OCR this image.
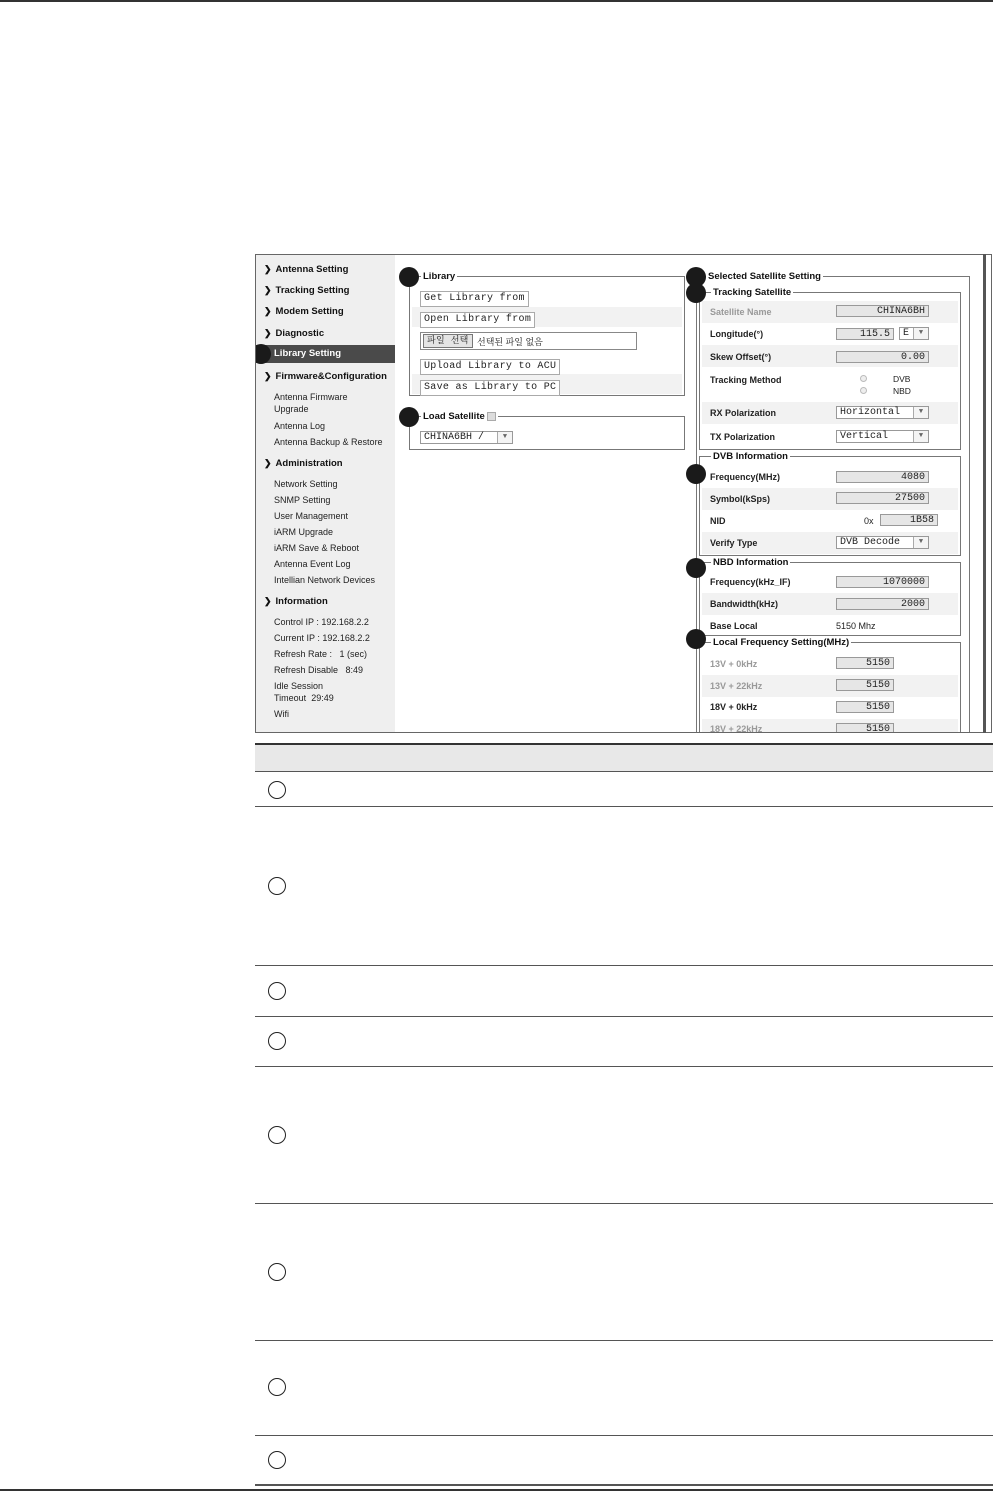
❯ Antenna Setting
❯ Tracking Setting
❯ Modem Setting
❯ Diagnostic
Library Setting
❯ Firmware&Configuration
Antenna Firmware
Upgrade
Antenna Log
Antenna Backup & Restore
❯ Administration
Network Setting
SNMP Setting
User Management
iARM Upgrade
iARM Save & Reboot
Antenna Event Log
Intellian Network Devices
❯ Information
Control IP : 192.168.2.2
Current IP : 192.168.2.2
Refresh Rate : 1 (sec)
Refresh Disable 8:49
Idle Session
Timeout 29:49
Wifi
Library
Get Library from
Open Library from
파일 선택 선택된 파일 없음
Upload Library to ACU
Save as Library to PC
Load Satellite
CHINA6BH /	▼
Selected Satellite Setting
Tracking Satellite
Satellite Name	CHINA6BH
Longitude(°)	115.5	E	▼
Skew Offset(°)	0.00
Tracking Method	DVB
NBD
RX Polarization	Horizontal	▼
TX Polarization	Vertical	▼
DVB Information
Frequency(MHz)	4080
Symbol(kSps)	27500
NID	0x	1B58
Verify Type	DVB Decode	▼
NBD Information
Frequency(kHz_IF)	1070000
Bandwidth(kHz)	2000
Base Local	5150 Mhz
Local Frequency Setting(MHz)
13V + 0kHz	5150
13V + 22kHz	5150
18V + 0kHz	5150
18V + 22kHz	5150
